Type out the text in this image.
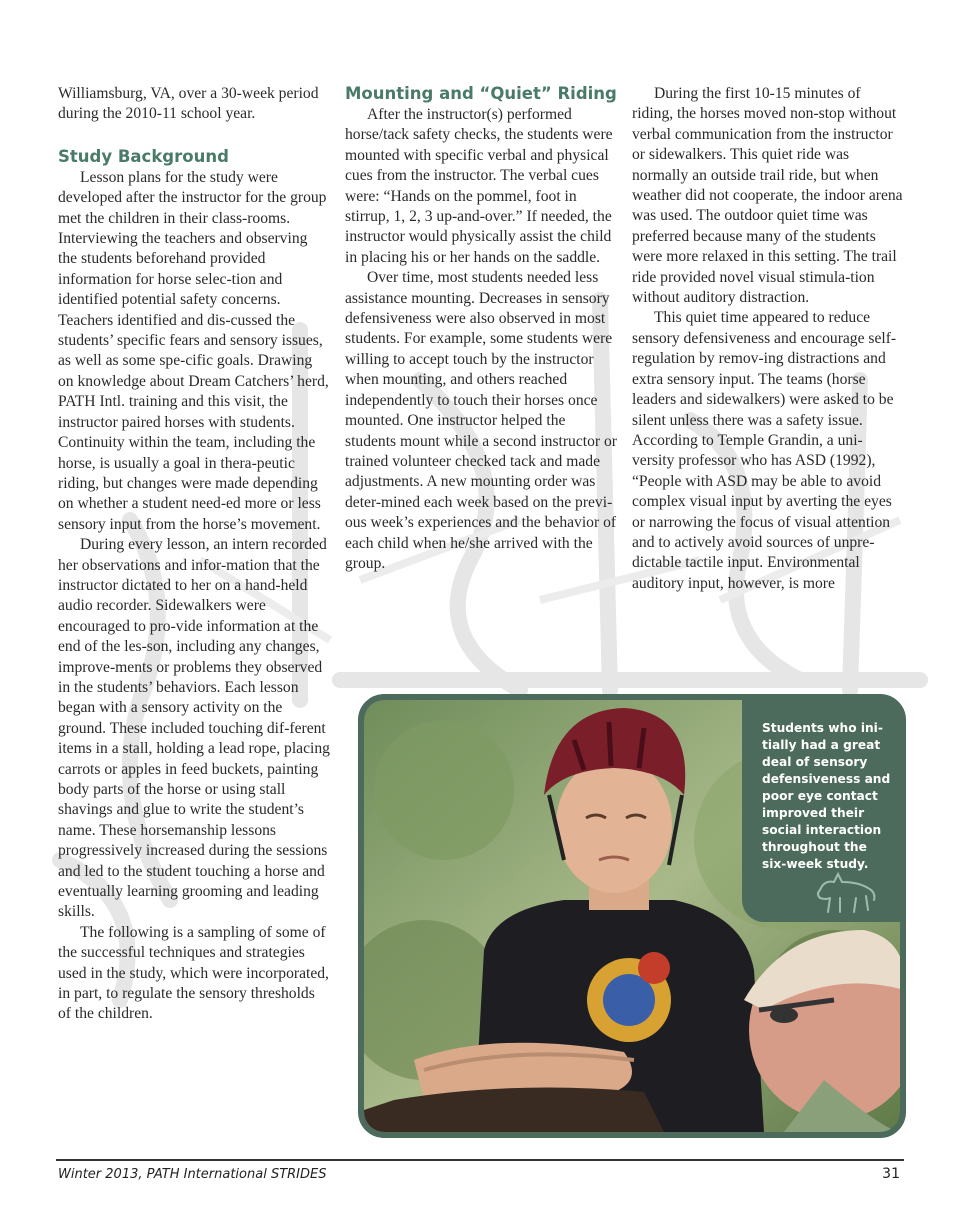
Williamsburg, VA, over a 30-week period during the 2010-11 school year.

Study Background

Lesson plans for the study were developed after the instructor for the group met the children in their class-rooms. Interviewing the teachers and observing the students beforehand provided information for horse selec-tion and identified potential safety concerns. Teachers identified and dis-cussed the students’ specific fears and sensory issues, as well as some spe-cific goals. Drawing on knowledge about Dream Catchers’ herd, PATH Intl. training and this visit, the instructor paired horses with students. Continuity within the team, including the horse, is usually a goal in thera-peutic riding, but changes were made depending on whether a student need-ed more or less sensory input from the horse’s movement.

During every lesson, an intern recorded her observations and infor-mation that the instructor dictated to her on a hand-held audio recorder. Sidewalkers were encouraged to pro-vide information at the end of the les-son, including any changes, improve-ments or problems they observed in the students’ behaviors. Each lesson began with a sensory activity on the ground. These included touching dif-ferent items in a stall, holding a lead rope, placing carrots or apples in feed buckets, painting body parts of the horse or using stall shavings and glue to write the student’s name. These horsemanship lessons progressively increased during the sessions and led to the student touching a horse and eventually learning grooming and leading skills.

The following is a sampling of some of the successful techniques and strategies used in the study, which were incorporated, in part, to regulate the sensory thresholds of the children.

Mounting and “Quiet” Riding

After the instructor(s) performed horse/tack safety checks, the students were mounted with specific verbal and physical cues from the instructor. The verbal cues were: “Hands on the pommel, foot in stirrup, 1, 2, 3 up-and-over.” If needed, the instructor would physically assist the child in placing his or her hands on the saddle.

Over time, most students needed less assistance mounting. Decreases in sensory defensiveness were also observed in most students. For example, some students were willing to accept touch by the instructor when mounting, and others reached independently to touch their horses once mounted. One instructor helped the students mount while a second instructor or trained volunteer checked tack and made adjustments. A new mounting order was deter-mined each week based on the previ-ous week’s experiences and the behavior of each child when he/she arrived with the group.

During the first 10-15 minutes of riding, the horses moved non-stop without verbal communication from the instructor or sidewalkers. This quiet ride was normally an outside trail ride, but when weather did not cooperate, the indoor arena was used. The outdoor quiet time was preferred because many of the students were more relaxed in this setting. The trail ride provided novel visual stimula-tion without auditory distraction.

This quiet time appeared to reduce sensory defensiveness and encourage self-regulation by remov-ing distractions and extra sensory input. The teams (horse leaders and sidewalkers) were asked to be silent unless there was a safety issue. According to Temple Grandin, a uni-versity professor who has ASD (1992), “People with ASD may be able to avoid complex visual input by averting the eyes or narrowing the focus of visual attention and to actively avoid sources of unpre-dictable tactile input. Environmental auditory input, however, is more

Students who ini-tially had a great deal of sensory defensiveness and poor eye contact improved their social interaction throughout the six-week study.

Winter 2013, PATH International STRIDES	31
